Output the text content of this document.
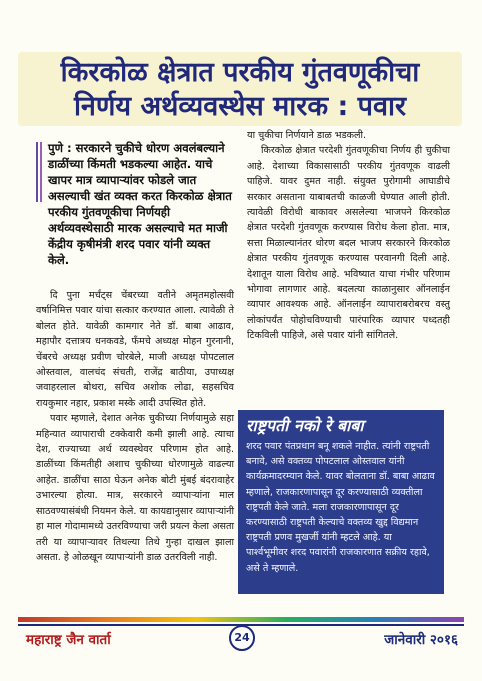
किरकोळ क्षेत्रात परकीय गुंतवणूकीचा
निर्णय अर्थव्यवस्थेस मारक : पवार
पुणे : सरकारने चुकीचे धोरण अवलंबल्याने डाळींच्या किंमती भडकल्या आहेत. याचे खापर मात्र व्यापाऱ्यांवर फोडले जात असल्याची खंत व्यक्त करत किरकोळ क्षेत्रात परकीय गुंतवणूकीचा निर्णयही अर्थव्यवस्थेसाठी मारक असल्याचे मत माजी केंद्रीय कृषीमंत्री शरद पवार यांनी व्यक्त केले.

दि पुना मर्चंट्स चेंबरच्या वतीने अमृतमहोत्सवी वर्षानिमित्त पवार यांचा सत्कार करण्यात आला. त्यावेळी ते बोलत होते. यावेळी कामगार नेते डॉ. बाबा आढाव, महापौर दत्तात्रय धनकवडे, फँमचे अध्यक्ष मोहन गुरनानी, चेंबरचे अध्यक्ष प्रवीण चोरबेले, माजी अध्यक्ष पोपटलाल ओस्तवाल, वालचंद संचती, राजेंद्र बाठीया, उपाध्यक्ष जवाहरलाल बोथरा, सचिव अशोक लोढा, सहसचिव रायकुमार नहार, प्रकाश मस्के आदी उपस्थित होते.

पवार म्हणाले, देशात अनेक चुकीच्या निर्णयामुळे सहा महिन्यात व्यापाराची टक्केवारी कमी झाली आहे. त्याचा देश, राज्याच्या अर्थ व्यवस्थेवर परिणाम होत आहे. डाळींच्या किंमतीही अशाच चुकीच्या धोरणामुळे वाढल्या आहेत. डाळींचा साठा घेऊन अनेक बोटी मुंबई बंदरावाहेर उभारल्या होत्या. मात्र, सरकारने व्यापाऱ्यांना माल साठवण्यासंबंधी नियमन केले. या कायद्यानुसार व्यापाऱ्यांनी हा माल गोदामामध्ये उतरविण्याचा जरी प्रयत्न केला असता तरी या व्यापाऱ्यावर तिथल्या तिथे गुन्हा दाखल झाला असता. हे ओळखून व्यापाऱ्यांनी डाळ उतरविली नाही.

या चुकीचा निर्णयाने डाळ भडकली.

किरकोळ क्षेत्रात परदेशी गुंतवणूकीचा निर्णय ही चुकीचा आहे. देशाच्या विकासासाठी परकीय गुंतवणूक वाढली पाहिजे. यावर दुमत नाही. संयुक्त पुरोगामी आघाडीचे सरकार असताना याबाबतची काळजी घेण्यात आली होती. त्यावेळी विरोधी बाकावर असलेल्या भाजपने किरकोळ क्षेत्रात परदेशी गुंतवणूक करण्यास विरोध केला होता. मात्र, सत्ता मिळाल्यानंतर धोरण बदल भाजप सरकारने किरकोळ क्षेत्रात परकीय गुंतवणूक करण्यास परवानगी दिली आहे. देशातून याला विरोध आहे. भविष्यात याचा गंभीर परिणाम भोगावा लागणार आहे. बदलत्या काळानुसार ऑनलाईन व्यापार आवश्यक आहे. ऑनलाईन व्यापाराबरोबरच वस्तु लोकांपर्यंत पोहोचविण्याची पारंपारिक व्यापार पध्दतही टिकविली पाहिजे, असे पवार यांनी सांगितले.

राष्ट्रपती नको रे बाबा

शरद पवार पंतप्रधान बनू शकले नाहीत. त्यांनी राष्ट्रपती बनावे, असे वक्तव्य पोपटलाल ओस्तवाल यांनी कार्यक्रमादरम्यान केले. यावर बोलताना डॉ. बाबा आढाव म्हणाले, राजकारणापासून दूर करण्यासाठी व्यक्तीला राष्ट्रपती केले जाते. मला राजकारणापासून दूर करण्यासाठी राष्ट्रपती केल्याचे वक्तव्य खुद्द विद्यमान राष्ट्रपती प्रणव मुखर्जी यांनी म्हटले आहे. या पार्श्वभूमीवर शरद पवारांनी राजकारणात सक्रीय रहावे, असे ते म्हणाले.

महाराष्ट्र जैन वार्ता	24	जानेवारी २०१६
